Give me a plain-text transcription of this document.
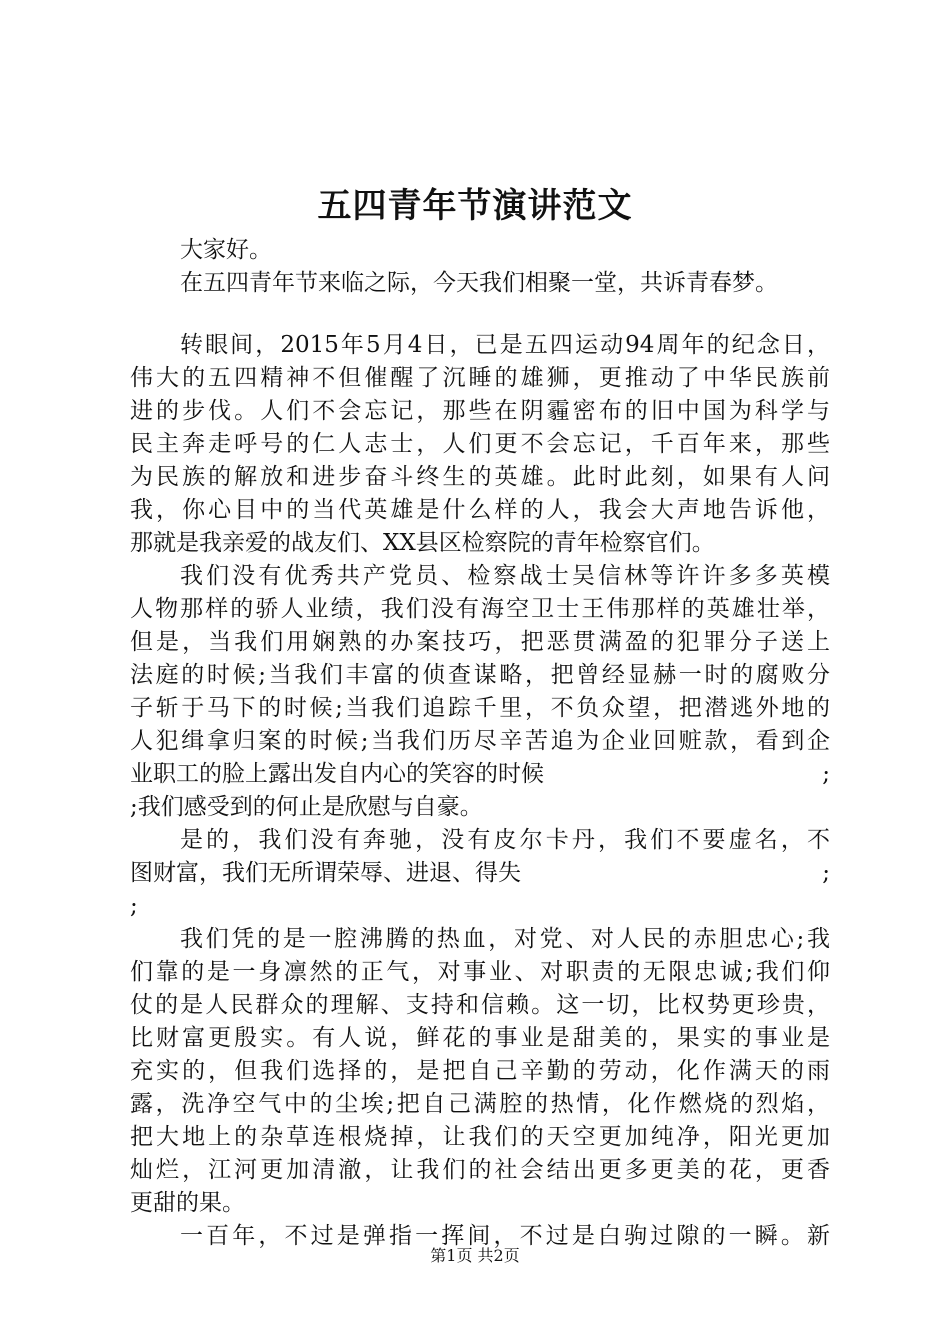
五四青年节演讲范文
大家好。
在五四青年节来临之际，今天我们相聚一堂，共诉青春梦。
转眼间，2015年5月4日，已是五四运动94周年的纪念日，
伟大的五四精神不但催醒了沉睡的雄狮，更推动了中华民族前
进的步伐。人们不会忘记，那些在阴霾密布的旧中国为科学与
民主奔走呼号的仁人志士，人们更不会忘记，千百年来，那些
为民族的解放和进步奋斗终生的英雄。此时此刻，如果有人问
我，你心目中的当代英雄是什么样的人，我会大声地告诉他，
那就是我亲爱的战友们、XX县区检察院的青年检察官们。
我们没有优秀共产党员、检察战士吴信林等许许多多英模
人物那样的骄人业绩，我们没有海空卫士王伟那样的英雄壮举，
但是，当我们用娴熟的办案技巧，把恶贯满盈的犯罪分子送上
法庭的时候;当我们丰富的侦查谋略，把曾经显赫一时的腐败分
子斩于马下的时候;当我们追踪千里，不负众望，把潜逃外地的
人犯缉拿归案的时候;当我们历尽辛苦追为企业回赃款，看到企
业职工的脸上露出发自内心的笑容的时候	;
;我们感受到的何止是欣慰与自豪。
是的，我们没有奔驰，没有皮尔卡丹，我们不要虚名，不
图财富，我们无所谓荣辱、进退、得失	;
;
我们凭的是一腔沸腾的热血，对党、对人民的赤胆忠心;我
们靠的是一身凛然的正气，对事业、对职责的无限忠诚;我们仰
仗的是人民群众的理解、支持和信赖。这一切，比权势更珍贵，
比财富更殷实。有人说，鲜花的事业是甜美的，果实的事业是
充实的，但我们选择的，是把自己辛勤的劳动，化作满天的雨
露，洗净空气中的尘埃;把自己满腔的热情，化作燃烧的烈焰，
把大地上的杂草连根烧掉，让我们的天空更加纯净，阳光更加
灿烂，江河更加清澈，让我们的社会结出更多更美的花，更香
更甜的果。
一百年，不过是弹指一挥间，不过是白驹过隙的一瞬。新
第1页 共2页
